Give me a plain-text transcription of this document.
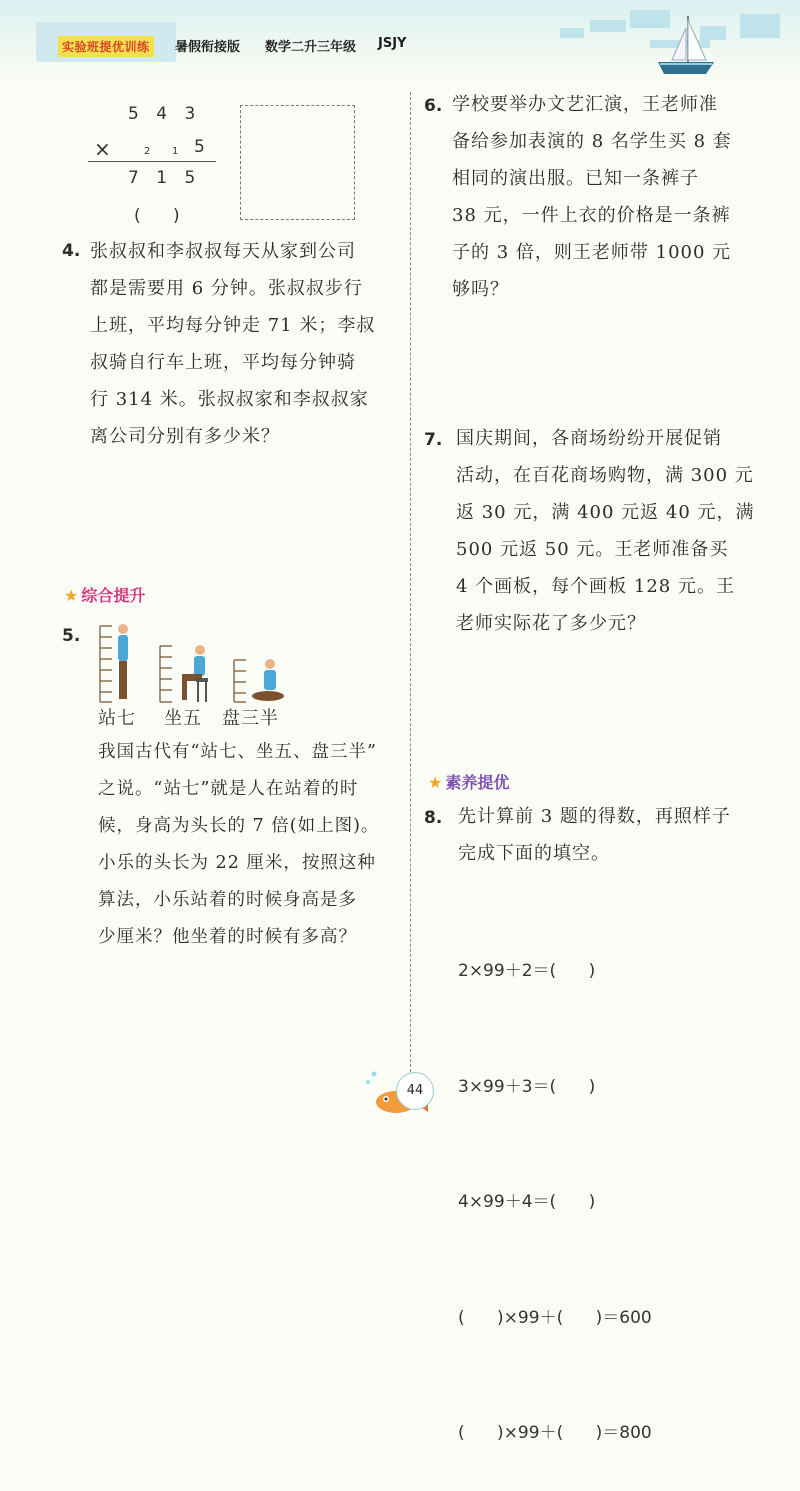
实验班提优训练	暑假衔接版 数学二升三年级 JSJY
5 4 3
×	2 1 5
7 1 5
(      )
4. 张叔叔和李叔叔每天从家到公司
都是需要用 6 分钟。张叔叔步行
上班，平均每分钟走 71 米；李叔
叔骑自行车上班，平均每分钟骑
行 314 米。张叔叔家和李叔叔家
离公司分别有多少米？
★ 综合提升
5.
站七 坐五 盘三半
我国古代有“站七、坐五、盘三半”
之说。“站七”就是人在站着的时
候，身高为头长的 7 倍(如上图)。
小乐的头长为 22 厘米，按照这种
算法，小乐站着的时候身高是多
少厘米？他坐着的时候有多高？
6. 学校要举办文艺汇演，王老师准
备给参加表演的 8 名学生买 8 套
相同的演出服。已知一条裤子
38 元，一件上衣的价格是一条裤
子的 3 倍，则王老师带 1000 元
够吗？
7. 国庆期间，各商场纷纷开展促销
活动，在百花商场购物，满 300 元
返 30 元，满 400 元返 40 元，满
500 元返 50 元。王老师准备买
4 个画板，每个画板 128 元。王
老师实际花了多少元？
★ 素养提优
8. 先计算前 3 题的得数，再照样子
完成下面的填空。

2×99＋2＝(      )

3×99＋3＝(      )

4×99＋4＝(      )

(      )×99＋(      )＝600

(      )×99＋(      )＝800

44
